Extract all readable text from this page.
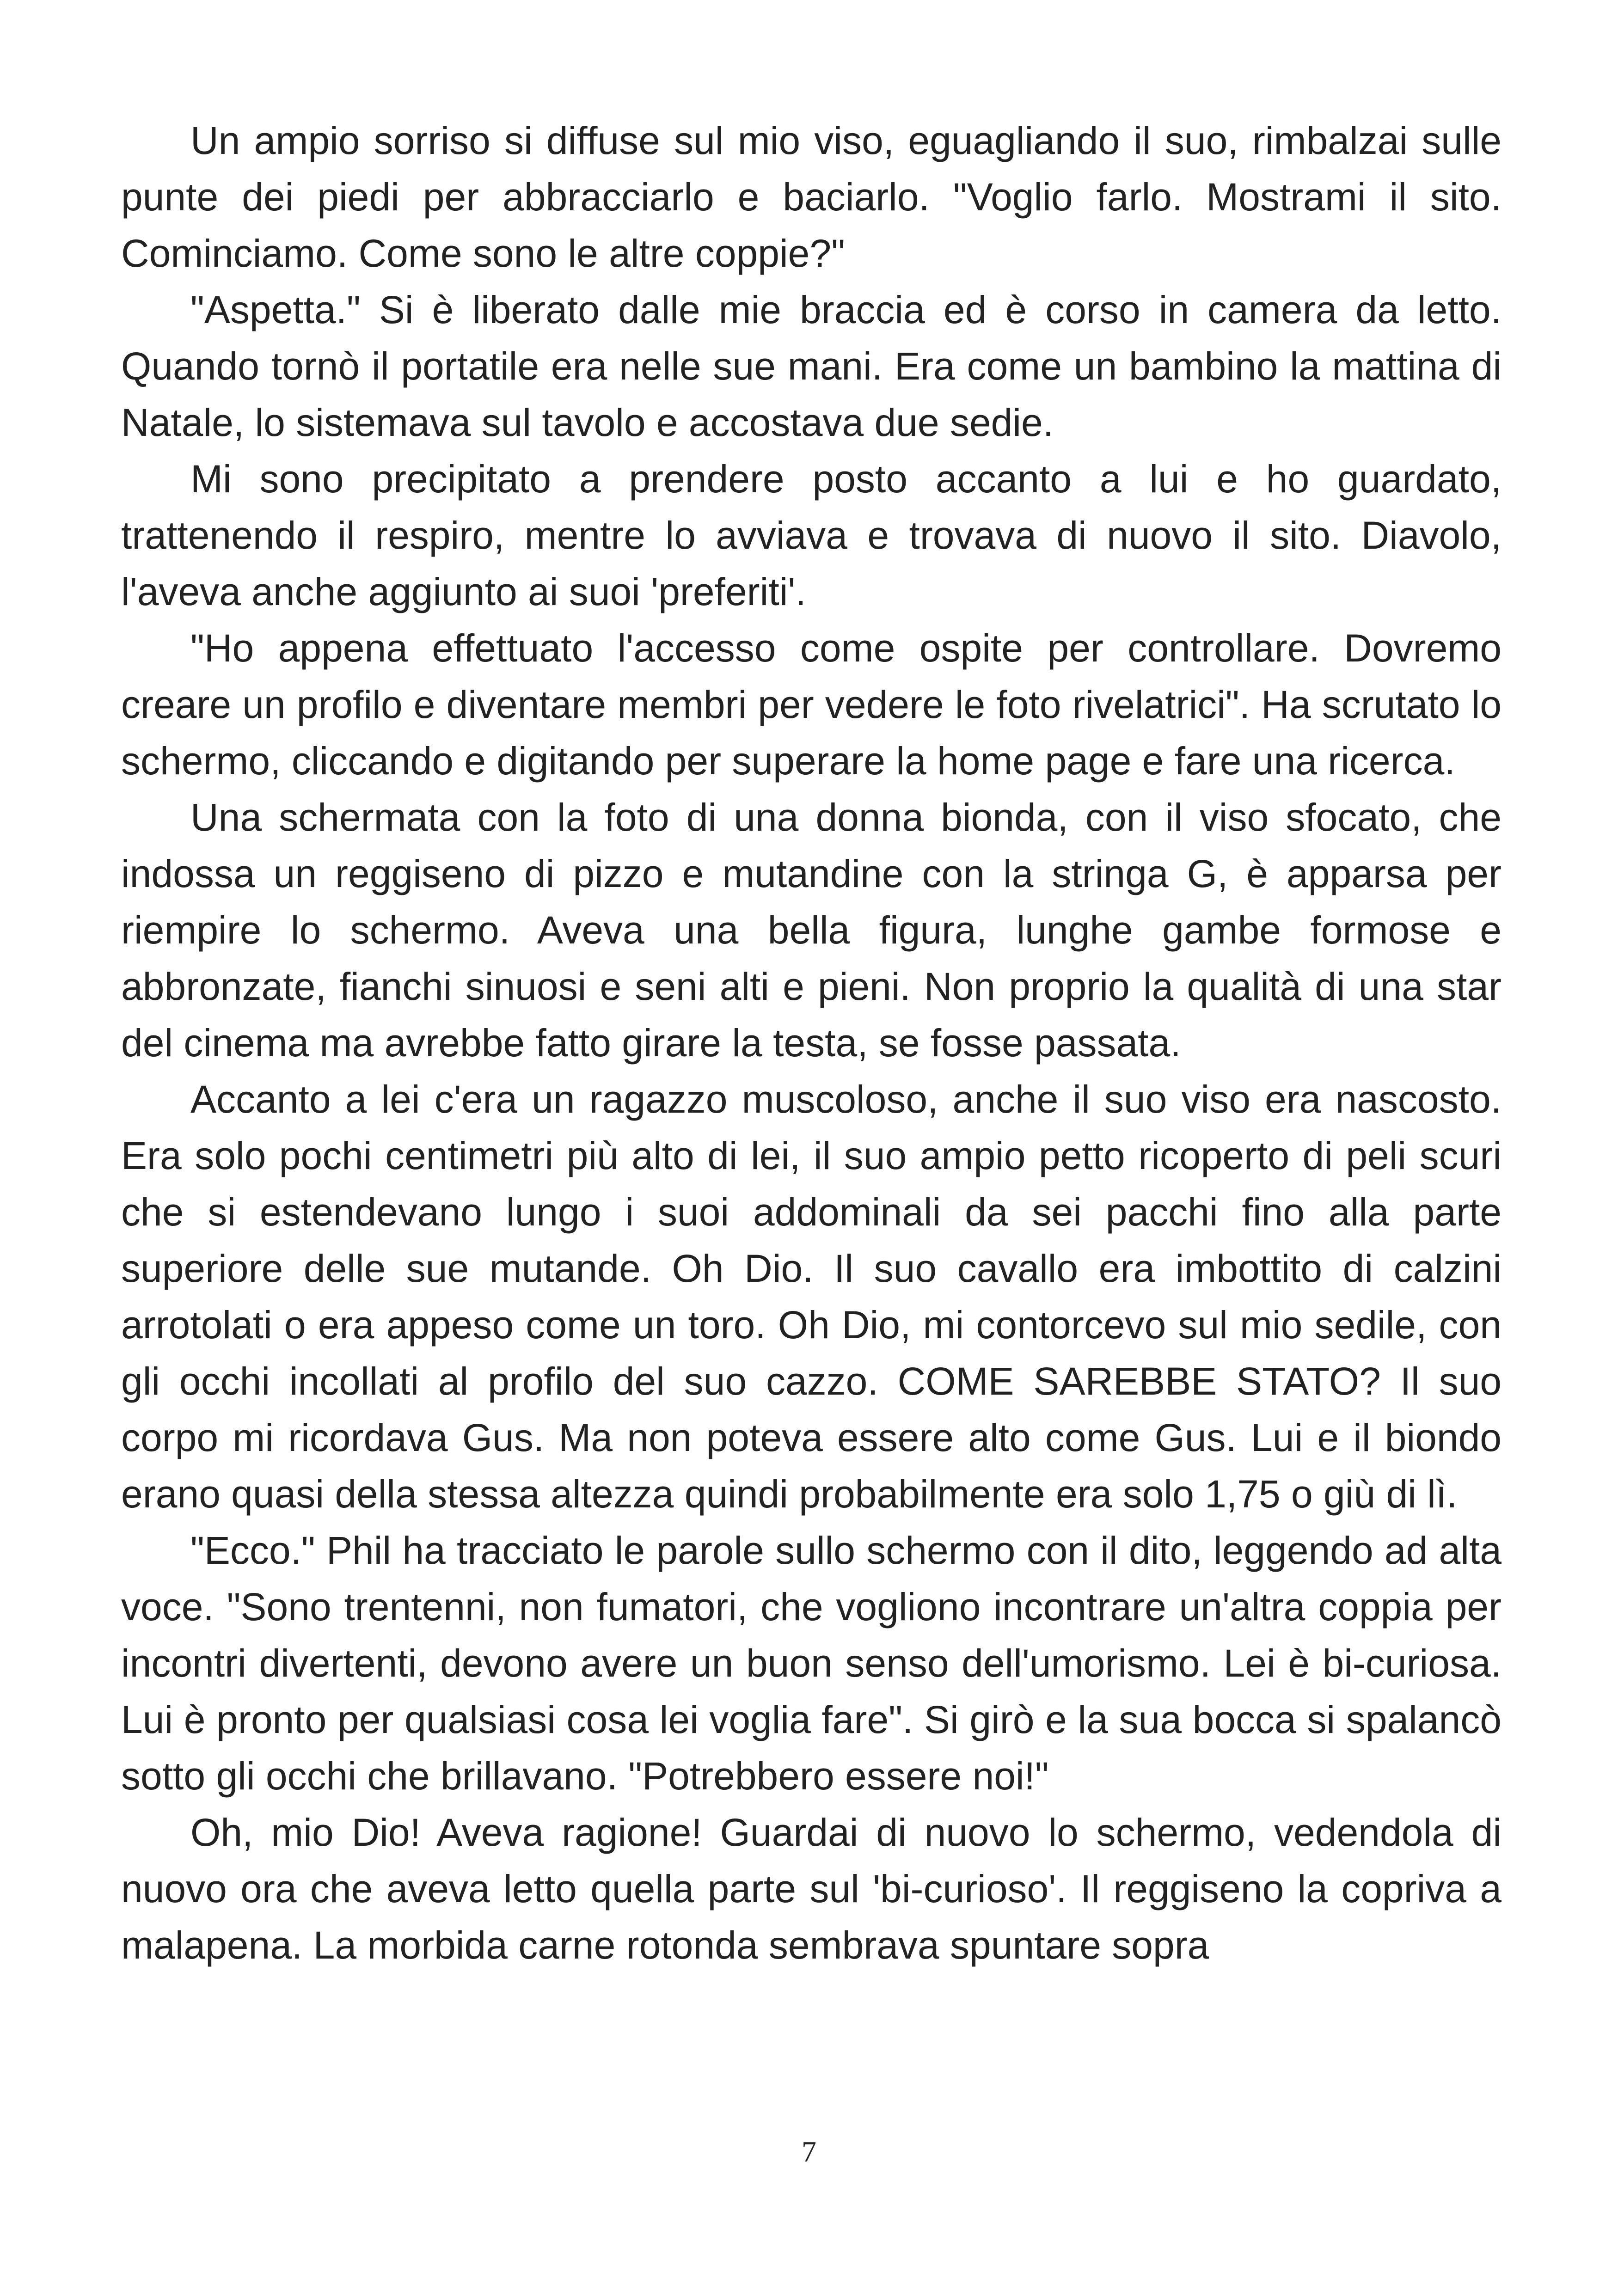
Un ampio sorriso si diffuse sul mio viso, eguagliando il suo, rimbalzai sulle punte dei piedi per abbracciarlo e baciarlo. "Voglio farlo. Mostrami il sito. Cominciamo. Come sono le altre coppie?"

"Aspetta." Si è liberato dalle mie braccia ed è corso in camera da letto. Quando tornò il portatile era nelle sue mani. Era come un bambino la mattina di Natale, lo sistemava sul tavolo e accostava due sedie.

Mi sono precipitato a prendere posto accanto a lui e ho guardato, trattenendo il respiro, mentre lo avviava e trovava di nuovo il sito. Diavolo, l'aveva anche aggiunto ai suoi 'preferiti'.

"Ho appena effettuato l'accesso come ospite per controllare. Dovremo creare un profilo e diventare membri per vedere le foto rivelatrici". Ha scrutato lo schermo, cliccando e digitando per superare la home page e fare una ricerca.

Una schermata con la foto di una donna bionda, con il viso sfocato, che indossa un reggiseno di pizzo e mutandine con la stringa G, è apparsa per riempire lo schermo. Aveva una bella figura, lunghe gambe formose e abbronzate, fianchi sinuosi e seni alti e pieni. Non proprio la qualità di una star del cinema ma avrebbe fatto girare la testa, se fosse passata.

Accanto a lei c'era un ragazzo muscoloso, anche il suo viso era nascosto. Era solo pochi centimetri più alto di lei, il suo ampio petto ricoperto di peli scuri che si estendevano lungo i suoi addominali da sei pacchi fino alla parte superiore delle sue mutande. Oh Dio. Il suo cavallo era imbottito di calzini arrotolati o era appeso come un toro. Oh Dio, mi contorcevo sul mio sedile, con gli occhi incollati al profilo del suo cazzo. COME SAREBBE STATO? Il suo corpo mi ricordava Gus. Ma non poteva essere alto come Gus. Lui e il biondo erano quasi della stessa altezza quindi probabilmente era solo 1,75 o giù di lì.

"Ecco." Phil ha tracciato le parole sullo schermo con il dito, leggendo ad alta voce. "Sono trentenni, non fumatori, che vogliono incontrare un'altra coppia per incontri divertenti, devono avere un buon senso dell'umorismo. Lei è bi-curiosa. Lui è pronto per qualsiasi cosa lei voglia fare". Si girò e la sua bocca si spalancò sotto gli occhi che brillavano. "Potrebbero essere noi!"

Oh, mio Dio! Aveva ragione! Guardai di nuovo lo schermo, vedendola di nuovo ora che aveva letto quella parte sul 'bi-curioso'. Il reggiseno la copriva a malapena. La morbida carne rotonda sembrava spuntare sopra

7
